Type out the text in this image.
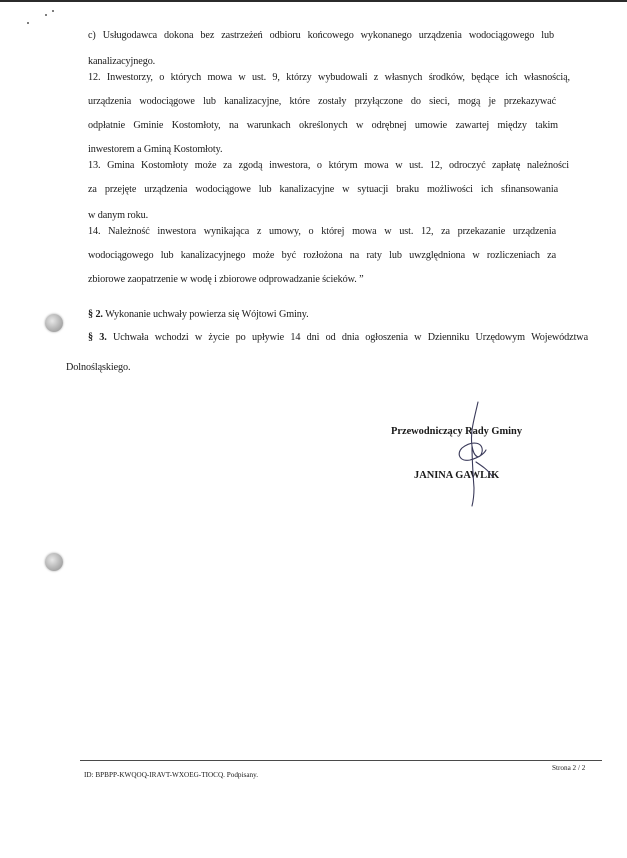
c) Usługodawca dokona bez zastrzeżeń odbioru końcowego wykonanego urządzenia wodociągowego lub
kanalizacyjnego.
12. Inwestorzy, o których mowa w ust. 9, którzy wybudowali z własnych środków, będące ich własnością,
urządzenia wodociągowe lub kanalizacyjne, które zostały przyłączone do sieci, mogą je przekazywać
odpłatnie Gminie Kostomłoty, na warunkach określonych w odrębnej umowie zawartej między takim
inwestorem a Gminą Kostomłoty.
13. Gmina Kostomłoty może za zgodą inwestora, o którym mowa w ust. 12, odroczyć zapłatę należności
za przejęte urządzenia wodociągowe lub kanalizacyjne w sytuacji braku możliwości ich sfinansowania
w danym roku.
14. Należność inwestora wynikająca z umowy, o której mowa w ust. 12, za przekazanie urządzenia
wodociągowego lub kanalizacyjnego może być rozłożona na raty lub uwzględniona w rozliczeniach za
zbiorowe zaopatrzenie w wodę i zbiorowe odprowadzanie ścieków. ”
§ 2. Wykonanie uchwały powierza się Wójtowi Gminy.
§ 3. Uchwała wchodzi w życie po upływie 14 dni od dnia ogłoszenia w Dzienniku Urzędowym Województwa
Dolnośląskiego.
Przewodniczący Rady Gminy
JANINA GAWLIK
ID: BPBPP-KWQOQ-IRAVT-WXOEG-TIOCQ. Podpisany.
Strona 2 / 2
